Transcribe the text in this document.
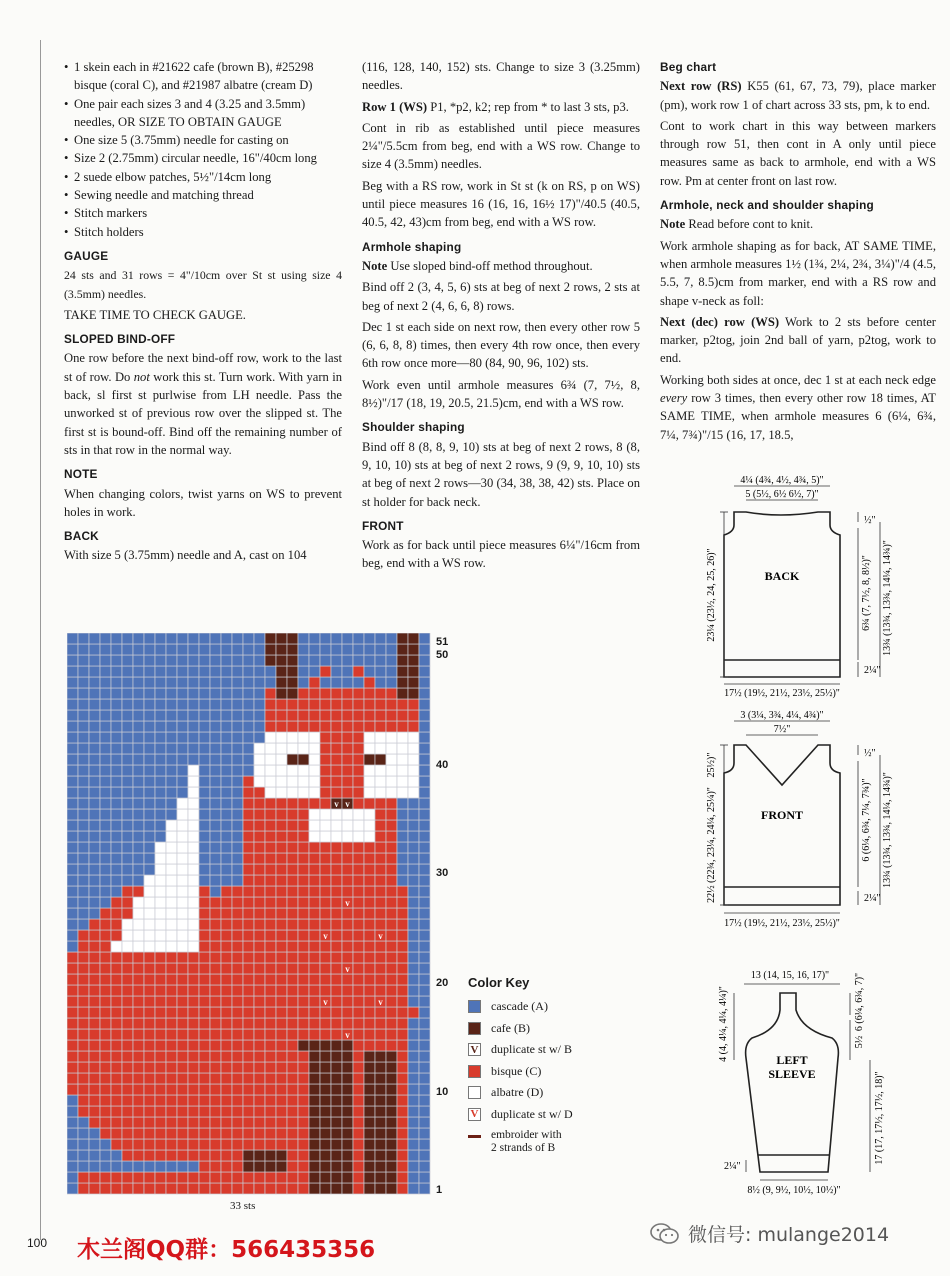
• 1 skein each in #21622 cafe (brown B), #25298 bisque (coral C), and #21987 albatre (cream D)
• One pair each sizes 3 and 4 (3.25 and 3.5mm) needles, OR SIZE TO OBTAIN GAUGE
• One size 5 (3.75mm) needle for casting on
• Size 2 (2.75mm) circular needle, 16"/40cm long
• 2 suede elbow patches, 5½"/14cm long
• Sewing needle and matching thread
• Stitch markers
• Stitch holders
GAUGE

24 sts and 31 rows = 4"/10cm over St st using size 4 (3.5mm) needles.

TAKE TIME TO CHECK GAUGE.

SLOPED BIND-OFF

One row before the next bind-off row, work to the last st of row. Do not work this st. Turn work. With yarn in back, sl first st purlwise from LH needle. Pass the unworked st of previous row over the slipped st. The first st is bound-off. Bind off the remaining number of sts in that row in the normal way.

NOTE

When changing colors, twist yarns on WS to prevent holes in work.

BACK

With size 5 (3.75mm) needle and A, cast on 104

(116, 128, 140, 152) sts. Change to size 3 (3.25mm) needles.

Row 1 (WS) P1, *p2, k2; rep from * to last 3 sts, p3.

Cont in rib as established until piece measures 2¼"/5.5cm from beg, end with a WS row. Change to size 4 (3.5mm) needles.

Beg with a RS row, work in St st (k on RS, p on WS) until piece measures 16 (16, 16, 16½ 17)"/40.5 (40.5, 40.5, 42, 43)cm from beg, end with a WS row.

Armhole shaping

Note Use sloped bind-off method throughout.

Bind off 2 (3, 4, 5, 6) sts at beg of next 2 rows, 2 sts at beg of next 2 (4, 6, 6, 8) rows.

Dec 1 st each side on next row, then every other row 5 (6, 6, 8, 8) times, then every 4th row once, then every 6th row once more—80 (84, 90, 96, 102) sts.

Work even until armhole measures 6¾ (7, 7½, 8, 8½)"/17 (18, 19, 20.5, 21.5)cm, end with a WS row.

Shoulder shaping

Bind off 8 (8, 8, 9, 10) sts at beg of next 2 rows, 8 (8, 9, 10, 10) sts at beg of next 2 rows, 9 (9, 9, 10, 10) sts at beg of next 2 rows—30 (34, 38, 38, 42) sts. Place on st holder for back neck.

FRONT

Work as for back until piece measures 6¼"/16cm from beg, end with a WS row.

Beg chart

Next row (RS) K55 (61, 67, 73, 79), place marker (pm), work row 1 of chart across 33 sts, pm, k to end.

Cont to work chart in this way between markers through row 51, then cont in A only until piece measures same as back to armhole, end with a WS row. Pm at center front on last row.

Armhole, neck and shoulder shaping

Note Read before cont to knit.

Work armhole shaping as for back, AT SAME TIME, when armhole measures 1½ (1¾, 2¼, 2¾, 3¼)"/4 (4.5, 5.5, 7, 8.5)cm from marker, end with a RS row and shape v-neck as foll:

Next (dec) row (WS) Work to 2 sts before center marker, p2tog, join 2nd ball of yarn, p2tog, work to end.

Working both sides at once, dec 1 st at each neck edge every row 3 times, then every other row 18 times, AT SAME TIME, when armhole measures 6 (6¼, 6¾, 7¼, 7¾)"/15 (16, 17, 18.5,

v
v	v
v
v	v
v
v v
51
50
40
30
20
10
1
33 sts
Color Key
cascade (A)
cafe (B)
V duplicate st w/ B
bisque (C)
albatre (D)
V duplicate st w/ D
embroider with
2 strands of B
4¼ (4¾, 4½, 4¾, 5)"
5 (5½, 6½ 6½, 7)"
BACK
23¼ (23½, 24, 25, 26)"
½"
6¾ (7, 7½, 8, 8½)" 13¾ (13¾, 13¾, 14¼, 14¾)"
2¼"
17½ (19½, 21½, 23½, 25½)"
3 (3¼, 3¾, 4¼, 4¾)"
7½"
FRONT
25½)"
22½ (22¾, 23¼, 24¼, 25¼)"
½"
6 (6¼, 6¾, 7¼, 7¾)" 13¾ (13¾, 13¾, 14¼, 14¾)"
2¼"
17½ (19½, 21½, 23½, 25½)"
13 (14, 15, 16, 17)"
LEFT
SLEEVE
4 (4, 4¼, 4¼, 4¼)"	6 (6¼, 6¾, 7)"
5½
17 (17, 17½, 17½, 18)"
2¼"
8½ (9, 9½, 10½, 10½)"
100 木兰阁QQ群：566435356
微信号: mulange2014
